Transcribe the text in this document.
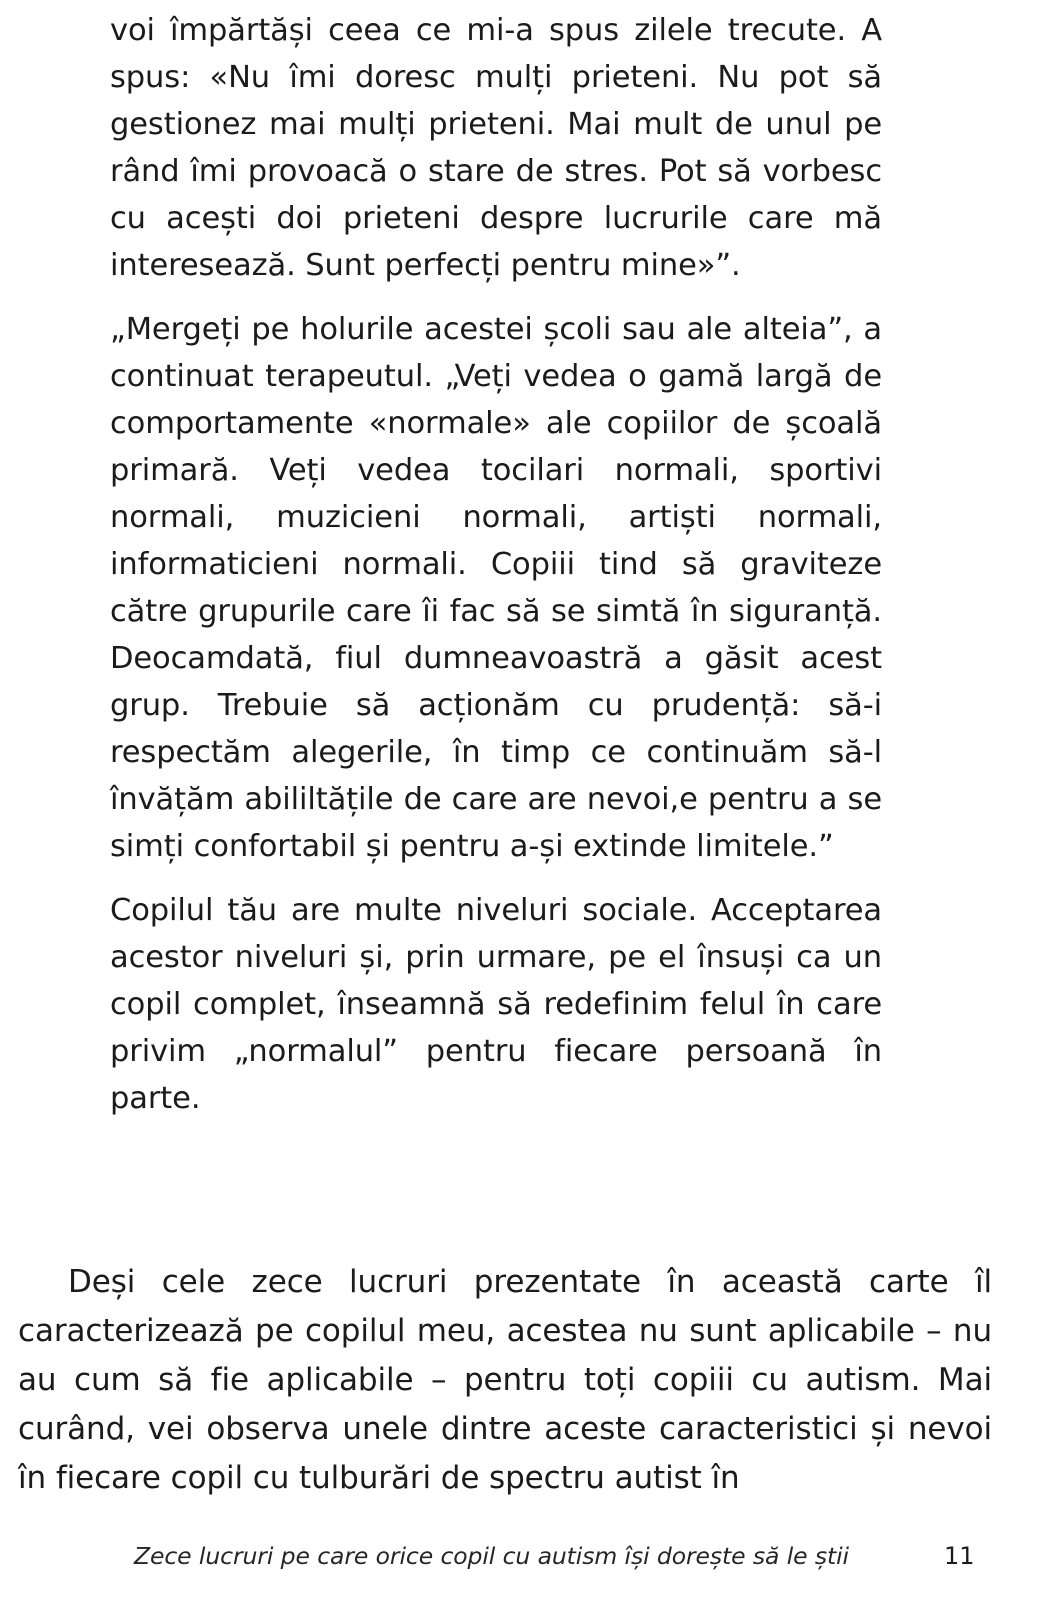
voi împărtăși ceea ce mi-a spus zilele trecute. A spus: «Nu îmi doresc mulți prieteni. Nu pot să gestionez mai mulți prieteni. Mai mult de unul pe rând îmi provoacă o stare de stres. Pot să vorbesc cu acești doi prieteni despre lucrurile care mă interesează. Sunt perfecți pentru mine»”.

„Mergeți pe holurile acestei școli sau ale alteia”, a continuat terapeutul. „Veți vedea o gamă largă de comportamente «normale» ale copiilor de școală primară. Veți vedea tocilari normali, sportivi normali, muzicieni normali, artiști normali, informaticieni normali. Copiii tind să graviteze către grupurile care îi fac să se simtă în siguranță. Deocamdată, fiul dumneavoastră a găsit acest grup. Trebuie să acționăm cu prudență: să-i respectăm alegerile, în timp ce continuăm să-l învățăm abililtățile de care are nevoi,e pentru a se simți confortabil și pentru a-și extinde limitele.”

Copilul tău are multe niveluri sociale. Acceptarea acestor niveluri și, prin urmare, pe el însuși ca un copil complet, înseamnă să redefinim felul în care privim „normalul” pentru fiecare persoană în parte.

Deși cele zece lucruri prezentate în această carte îl caracterizează pe copilul meu, acestea nu sunt aplicabile – nu au cum să fie aplicabile – pentru toți copiii cu autism. Mai curând, vei observa unele dintre aceste caracteristici și nevoi în fiecare copil cu tulburări de spectru autist în

Zece lucruri pe care orice copil cu autism își dorește să le știi	11
